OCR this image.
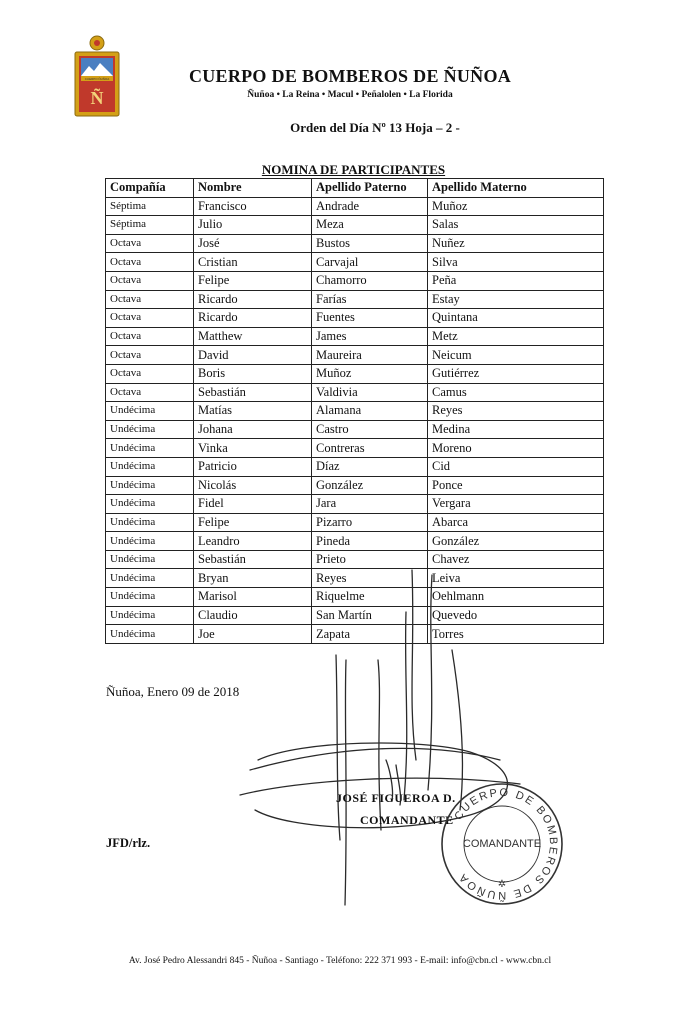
CUERPO ÑUÑOA
Ñ
CUERPO DE BOMBEROS DE ÑUÑOA
Ñuñoa • La Reina • Macul • Peñalolen • La Florida
Orden del Día Nº 13 Hoja – 2 -
NOMINA DE PARTICIPANTES
Compañía	Nombre	Apellido Paterno	Apellido Materno
Séptima	Francisco	Andrade	Muñoz
Séptima	Julio	Meza	Salas
Octava	José	Bustos	Nuñez
Octava	Cristian	Carvajal	Silva
Octava	Felipe	Chamorro	Peña
Octava	Ricardo	Farías	Estay
Octava	Ricardo	Fuentes	Quintana
Octava	Matthew	James	Metz
Octava	David	Maureira	Neicum
Octava	Boris	Muñoz	Gutiérrez
Octava	Sebastián	Valdivia	Camus
Undécima	Matías	Alamana	Reyes
Undécima	Johana	Castro	Medina
Undécima	Vinka	Contreras	Moreno
Undécima	Patricio	Díaz	Cid
Undécima	Nicolás	González	Ponce
Undécima	Fidel	Jara	Vergara
Undécima	Felipe	Pizarro	Abarca
Undécima	Leandro	Pineda	González
Undécima	Sebastián	Prieto	Chavez
Undécima	Bryan	Reyes	Leiva
Undécima	Marisol	Riquelme	Oehlmann
Undécima	Claudio	San Martín	Quevedo
Undécima	Joe	Zapata	Torres
Ñuñoa, Enero 09 de 2018
JOSÉ FIGUEROA D.
COMANDANTE
CUERPO DE BOMBEROS DE ÑUÑOA
COMANDANTE
✲
JFD/rlz.
Av. José Pedro Alessandri 845 - Ñuñoa - Santiago - Teléfono: 222 371 993 - E-mail: info@cbn.cl - www.cbn.cl
